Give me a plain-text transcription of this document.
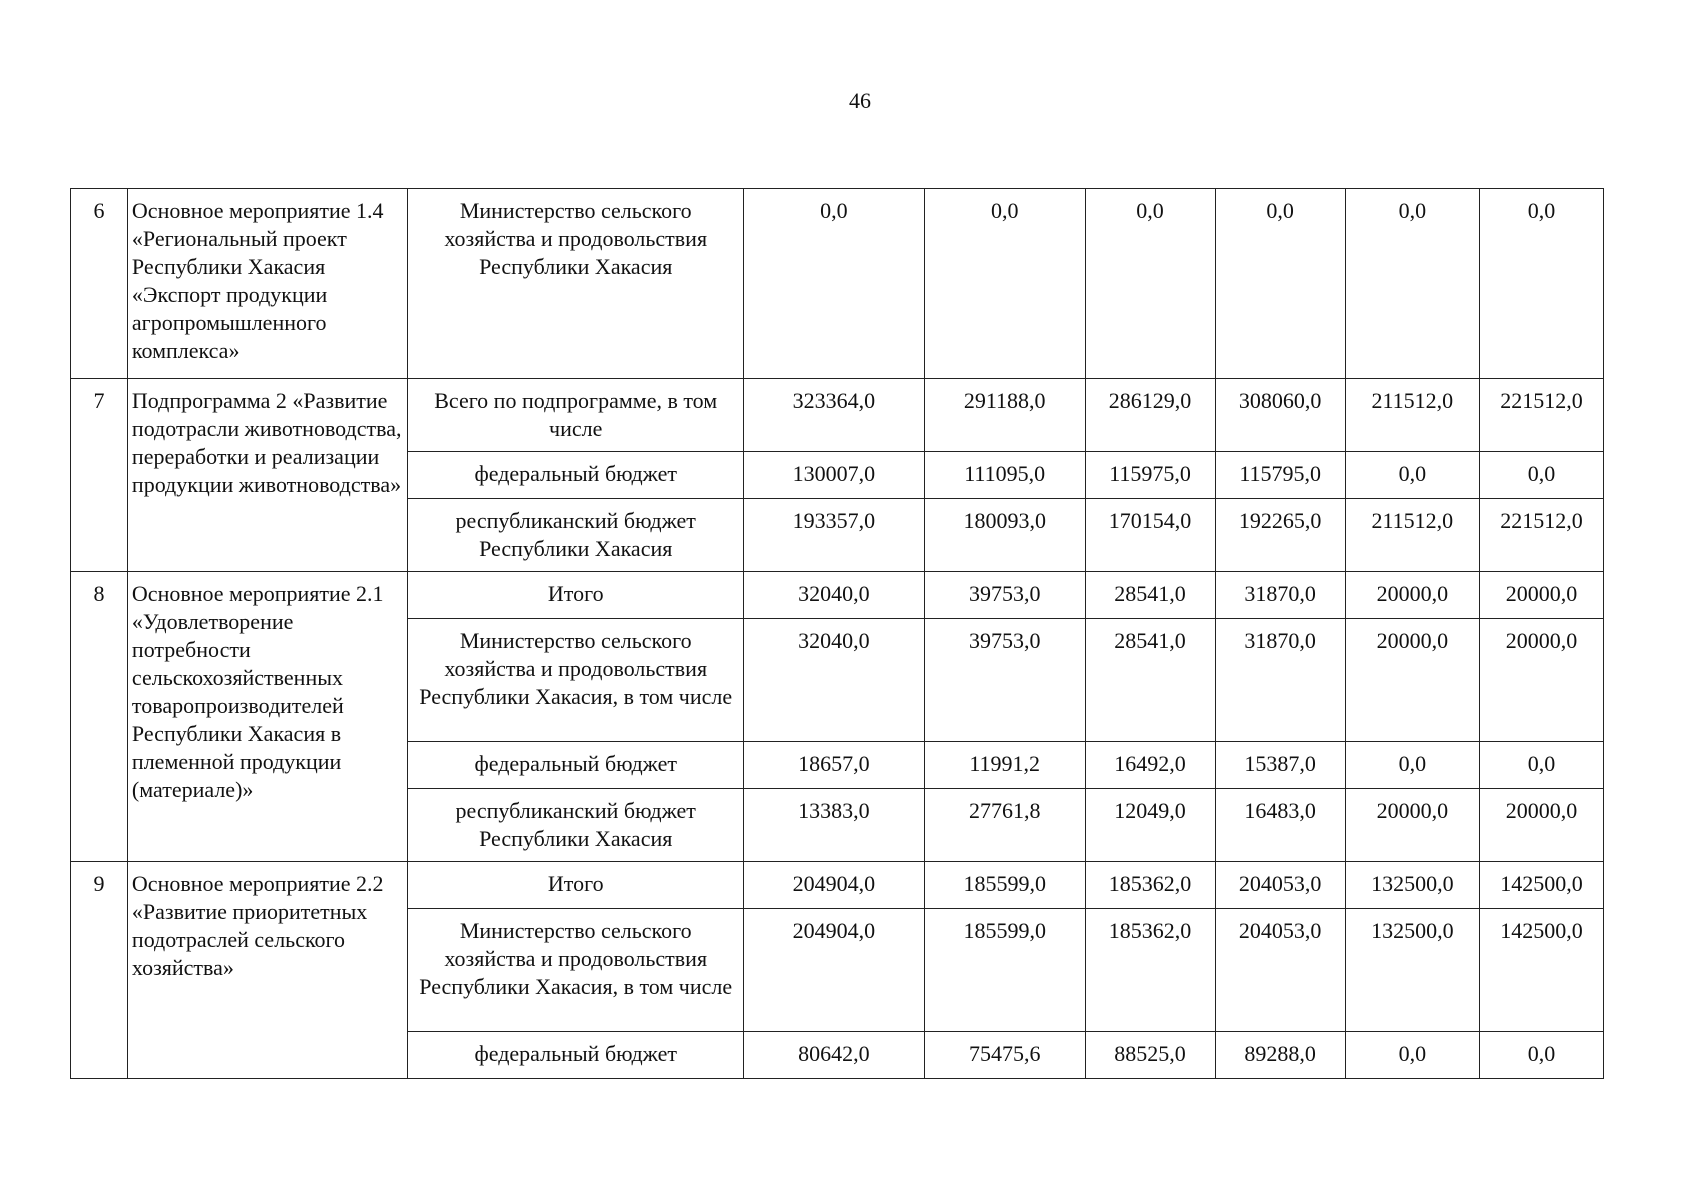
46
6	Основное мероприятие 1.4 «Региональный проект Республики Хакасия «Экспорт продукции агропромышленного комплекса»	Министерство сельского хозяйства и продовольствия Республики Хакасия	0,0	0,0	0,0	0,0	0,0	0,0
7	Подпрограмма 2 «Развитие подотрасли животноводства, переработки и реализации продукции животноводства»	Всего по подпрограмме, в том числе	323364,0	291188,0	286129,0	308060,0	211512,0	221512,0
		федеральный бюджет	130007,0	111095,0	115975,0	115795,0	0,0	0,0
		республиканский бюджет Республики Хакасия	193357,0	180093,0	170154,0	192265,0	211512,0	221512,0
8	Основное мероприятие 2.1 «Удовлетворение потребности сельскохозяйственных товаропроизводителей Республики Хакасия в племенной продукции (материале)»	Итого	32040,0	39753,0	28541,0	31870,0	20000,0	20000,0
		Министерство сельского хозяйства и продовольствия Республики Хакасия, в том числе	32040,0	39753,0	28541,0	31870,0	20000,0	20000,0
		федеральный бюджет	18657,0	11991,2	16492,0	15387,0	0,0	0,0
		республиканский бюджет Республики Хакасия	13383,0	27761,8	12049,0	16483,0	20000,0	20000,0
9	Основное мероприятие 2.2 «Развитие приоритетных подотраслей сельского хозяйства»	Итого	204904,0	185599,0	185362,0	204053,0	132500,0	142500,0
		Министерство сельского хозяйства и продовольствия Республики Хакасия, в том числе	204904,0	185599,0	185362,0	204053,0	132500,0	142500,0
		федеральный бюджет	80642,0	75475,6	88525,0	89288,0	0,0	0,0
